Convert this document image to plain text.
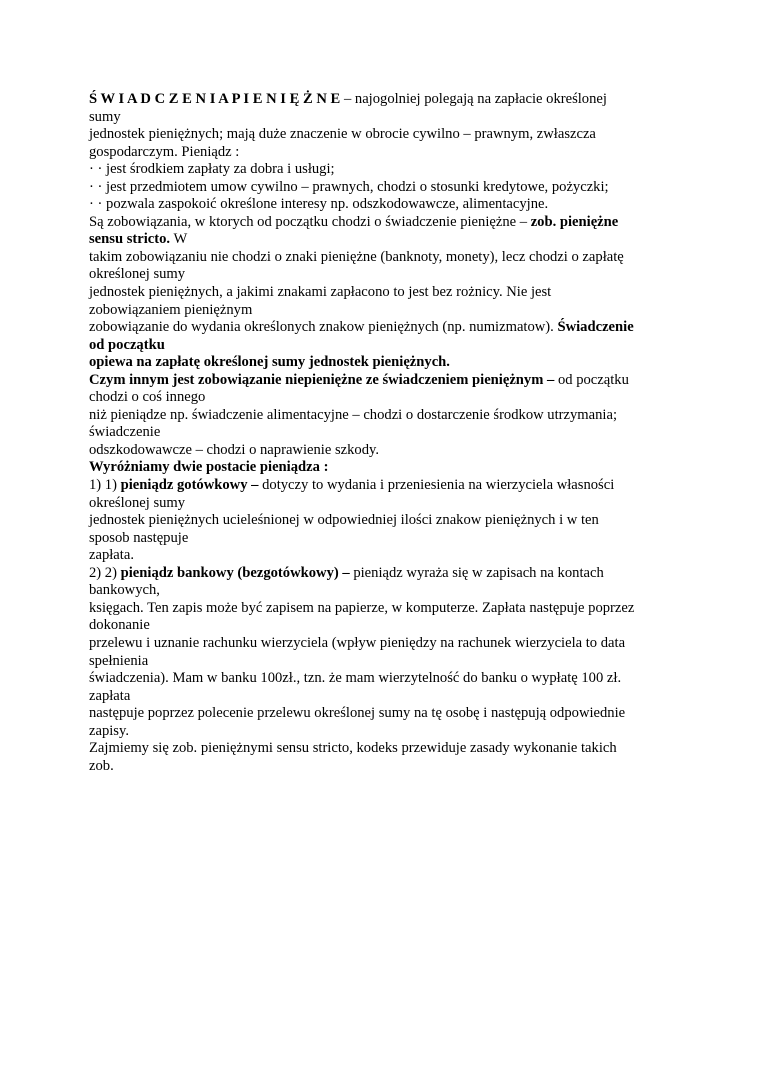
Ś W I A D C Z E N I A P I E N I Ę Ż N E – najogolniej polegają na zapłacie określonej
sumy
jednostek pieniężnych; mają duże znaczenie w obrocie cywilno – prawnym, zwłaszcza
gospodarczym. Pieniądz :
· · jest środkiem zapłaty za dobra i usługi;
· · jest przedmiotem umow cywilno – prawnych, chodzi o stosunki kredytowe, pożyczki;
· · pozwala zaspokoić określone interesy np. odszkodowawcze, alimentacyjne.
Są zobowiązania, w ktorych od początku chodzi o świadczenie pieniężne – zob. pieniężne
sensu stricto. W
takim zobowiązaniu nie chodzi o znaki pieniężne (banknoty, monety), lecz chodzi o zapłatę
określonej sumy
jednostek pieniężnych, a jakimi znakami zapłacono to jest bez rożnicy. Nie jest
zobowiązaniem pieniężnym
zobowiązanie do wydania określonych znakow pieniężnych (np. numizmatow). Świadczenie
od początku
opiewa na zapłatę określonej sumy jednostek pieniężnych.
Czym innym jest zobowiązanie niepieniężne ze świadczeniem pieniężnym – od początku
chodzi o coś innego
niż pieniądze np. świadczenie alimentacyjne – chodzi o dostarczenie środkow utrzymania;
świadczenie
odszkodowawcze – chodzi o naprawienie szkody.
Wyróżniamy dwie postacie pieniądza :
1) 1) pieniądz gotówkowy – dotyczy to wydania i przeniesienia na wierzyciela własności
określonej sumy
jednostek pieniężnych ucieleśnionej w odpowiedniej ilości znakow pieniężnych i w ten
sposob następuje
zapłata.
2) 2) pieniądz bankowy (bezgotówkowy) – pieniądz wyraża się w zapisach na kontach
bankowych,
księgach. Ten zapis może być zapisem na papierze, w komputerze. Zapłata następuje poprzez
dokonanie
przelewu i uznanie rachunku wierzyciela (wpływ pieniędzy na rachunek wierzyciela to data
spełnienia
świadczenia). Mam w banku 100zł., tzn. że mam wierzytelność do banku o wypłatę 100 zł.
zapłata
następuje poprzez polecenie przelewu określonej sumy na tę osobę i następują odpowiednie
zapisy.
Zajmiemy się zob. pieniężnymi sensu stricto, kodeks przewiduje zasady wykonanie takich
zob.
